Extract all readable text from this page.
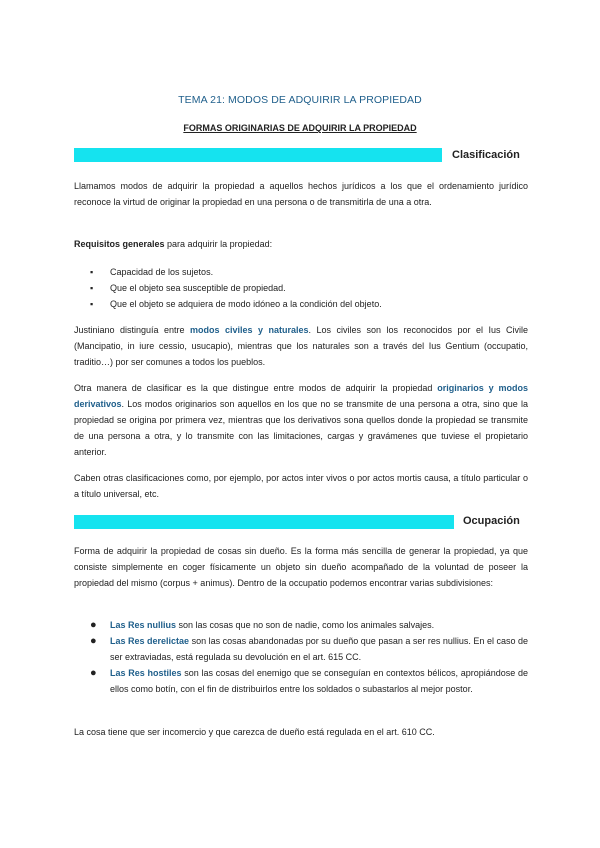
TEMA 21: MODOS DE ADQUIRIR LA PROPIEDAD
FORMAS ORIGINARIAS DE ADQUIRIR LA PROPIEDAD
Clasificación
Llamamos modos de adquirir la propiedad a aquellos hechos jurídicos a los que el ordenamiento jurídico reconoce la virtud de originar la propiedad en una persona o de transmitirla de una a otra.
Requisitos generales para adquirir la propiedad:
▪ Capacidad de los sujetos.
▪ Que el objeto sea susceptible de propiedad.
▪ Que el objeto se adquiera de modo idóneo a la condición del objeto.
Justiniano distinguía entre modos civiles y naturales. Los civiles son los reconocidos por el Ius Civile (Mancipatio, in iure cessio, usucapio), mientras que los naturales son a través del Ius Gentium (occupatio, traditio…) por ser comunes a todos los pueblos.
Otra manera de clasificar es la que distingue entre modos de adquirir la propiedad originarios y modos derivativos. Los modos originarios son aquellos en los que no se transmite de una persona a otra, sino que la propiedad se origina por primera vez, mientras que los derivativos sona quellos donde la propiedad se transmite de una persona a otra, y lo transmite con las limitaciones, cargas y gravámenes que tuviese el propietario anterior.
Caben otras clasificaciones como, por ejemplo, por actos inter vivos o por actos mortis causa, a título particular o a título universal, etc.
Ocupación
Forma de adquirir la propiedad de cosas sin dueño. Es la forma más sencilla de generar la propiedad, ya que consiste simplemente en coger físicamente un objeto sin dueño acompañado de la voluntad de poseer la propiedad del mismo (corpus + animus). Dentro de la occupatio podemos encontrar varias subdivisiones:
● Las Res nullius son las cosas que no son de nadie, como los animales salvajes.
● Las Res derelictae son las cosas abandonadas por su dueño que pasan a ser res nullius. En el caso de ser extraviadas, está regulada su devolución en el art. 615 CC.
● Las Res hostiles son las cosas del enemigo que se conseguían en contextos bélicos, apropiándose de ellos como botín, con el fin de distribuirlos entre los soldados o subastarlos al mejor postor.
La cosa tiene que ser incomercio y que carezca de dueño está regulada en el art. 610 CC.
